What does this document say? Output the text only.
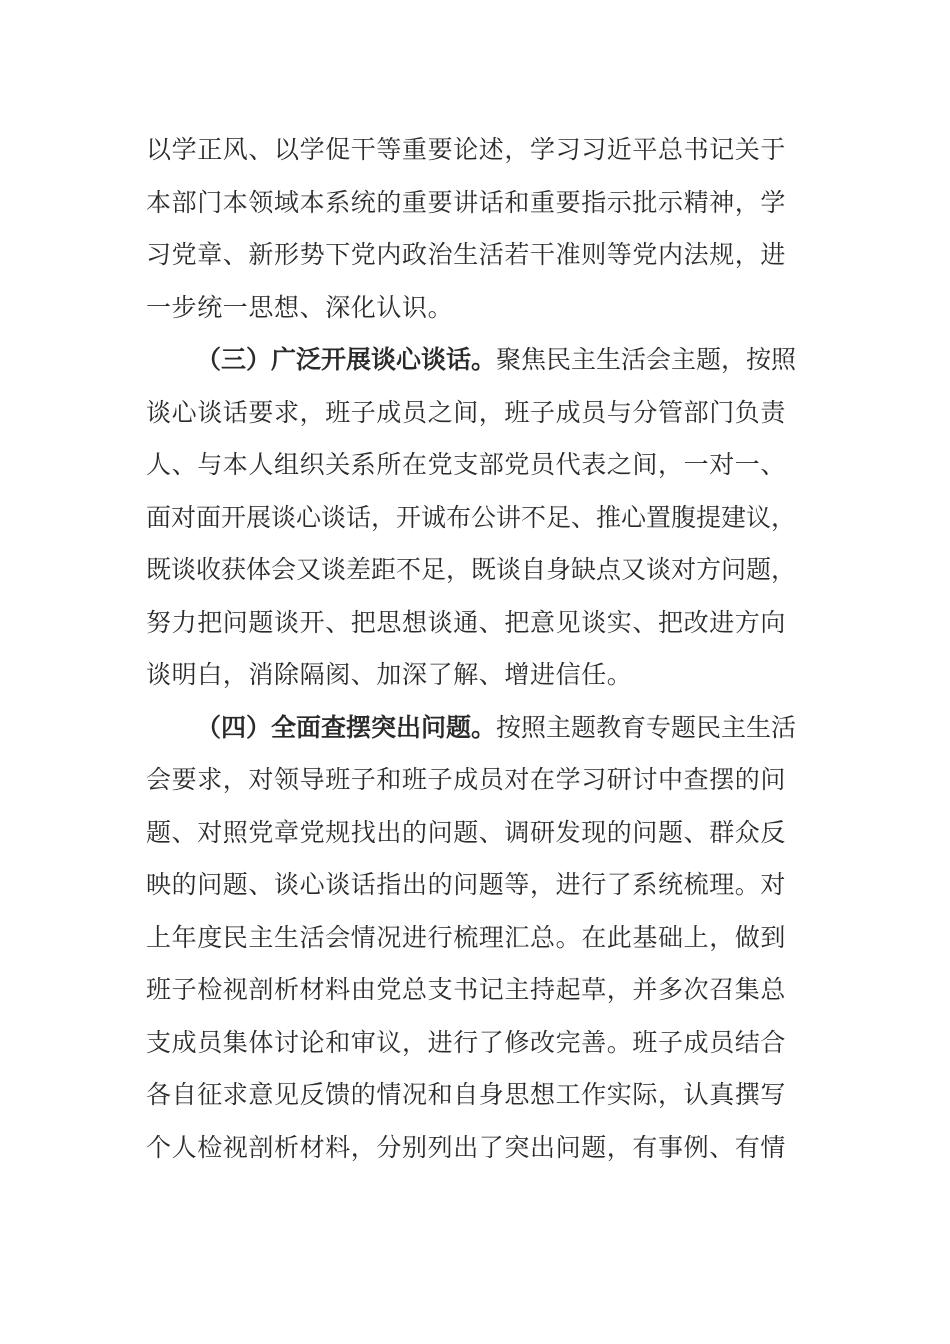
以学正风、以学促干等重要论述，学习习近平总书记关于
本部门本领域本系统的重要讲话和重要指示批示精神，学
习党章、新形势下党内政治生活若干准则等党内法规，进
一步统一思想、深化认识。
（三）广泛开展谈心谈话。聚焦民主生活会主题，按照
谈心谈话要求，班子成员之间，班子成员与分管部门负责
人、与本人组织关系所在党支部党员代表之间，一对一、
面对面开展谈心谈话，开诚布公讲不足、推心置腹提建议，
既谈收获体会又谈差距不足，既谈自身缺点又谈对方问题，
努力把问题谈开、把思想谈通、把意见谈实、把改进方向
谈明白，消除隔阂、加深了解、增进信任。
（四）全面查摆突出问题。按照主题教育专题民主生活
会要求，对领导班子和班子成员对在学习研讨中查摆的问
题、对照党章党规找出的问题、调研发现的问题、群众反
映的问题、谈心谈话指出的问题等，进行了系统梳理。对
上年度民主生活会情况进行梳理汇总。在此基础上，做到
班子检视剖析材料由党总支书记主持起草，并多次召集总
支成员集体讨论和审议，进行了修改完善。班子成员结合
各自征求意见反馈的情况和自身思想工作实际，认真撰写
个人检视剖析材料，分别列出了突出问题，有事例、有情
